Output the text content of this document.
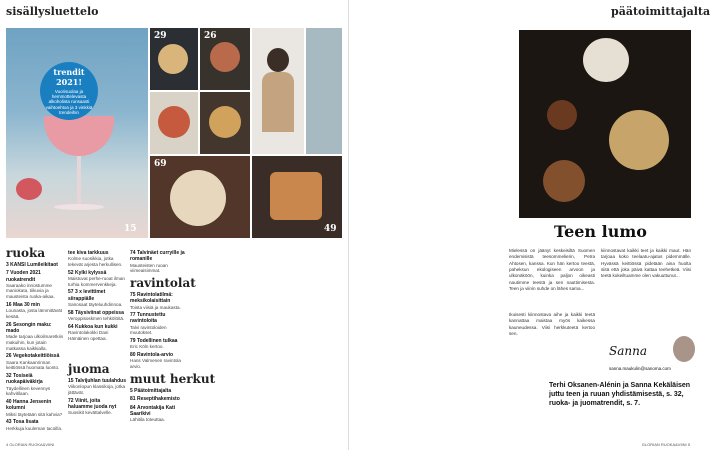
sisällysluettelo
15
trendit 2021!
Vuorisuolaa ja hemmottelevasta alkoholista runsaasti vaihtoehtoa ja 3 vinkkiä trendeihin
29	26
69
49
ruoka
3 KANSI Lumileikitaot
7 Vuoden 2021 ruokatrendit
Saaraako innostumme maniokata, tiikuvia ja mausteista ruoka-aikaa.
16 Maa 30 min
Lounasta, josta lämmittävät kesää.
26 Sesongin maku: mado
Made tarjoaa ulkoilmaretkiin makuihin, kun jotain matkassa kaikkialla.
26 Vegekotakeittiöissä
Saara Kankaanrinnan keittiössä huomata luonto.
32 Tosiseiä ruokapäiväkirja
Täydellinen kevennys kahvitilaan.
40 Hanna Jensenin kolumni
Miksi täytetään sitä kahvia?
43 Tosa lisata
Herkkuja kuuleman tacoilla.
tee kiva tarkkuus
Kolme suosikkia, jotka tekevät arjesta herkullisen.
52 Kylki kylyssä
Maistuvat perhe-ruoat ilman turhia kommervenkkeja.
57 3 x levittimet siirappiälle
Sanosaat täyteluuhdinnoa.
58 Täysiviinat oppeissa
Veroppisoskmen tehkölöitä.
64 Kukkoa kun kukki
Ravintolakokki Dani Hämäinen opettaa.
juoma
15 Talvijuhlan tuulahdus
Viikonlopun klassikoja, jotka jättävät.
72 Viinit, joita haluamme juoda nyt
Suosikit kevättalvelle.
74 Talvinäet curryille ja romanille
Mausteisten ruoan viimeaisimmat.
ravintolat
75 Ravintolatilmä: meksikolaisittain
Toista viisiä ja maukasta.
77 Tunnustettu ravintoloita
Talvi ravintoloiden muutokset.
79 Todellinen tulkaa
Eric Köln kertoo.
80 Ravintola-arvio
Hans Valmenen ravintola arvio.
muut herkut
5 Päätoimittajalta
81 Reseptihakemisto
84 Arvontakija Kati Saarikivi
Lähitila toteuttaa.
4 GLORIAN RUOKA&VIINI
päätoimittajalta
Teen lumo
Mielessä on jäänyt keskeisiltä Suomen endemisistä teesommelierin, Petra Ahtosen, kanssa. Kun hän kertoo teestä, paheksun ekologiseen arvoon ja ulkonäköön, kuinka paljon oikeasti nautimme teestä ja sen nauttimisesta. Teen ja viinin suhde on lähes sama...
kiinnostavat kaikki teet ja kaikki maut. Hän tarjoaa koko teelaatu-ajatus pidemmälle. Hyvässä keittiössä pidetään aina huolta siitä että joka päivä kattaa teehetkeä. Viisi teetä kokeiltuamme olen vakuuttunut...
Ikuisesti kiinnostava aihe ja kaikki teetä kannattaa maistaa myös kaikessa kauneudessa. Viisi herkkuteetä kertoo sen.
Sanna
sanna.maukulin@sanoma.com
Terhi Oksanen-Alénin ja Sanna Kekäläisen juttu teen ja ruuan yhdistämisestä, s. 32, ruoka- ja juomatrendit, s. 7.
GLORIAN RUOKA&VIINI 5
